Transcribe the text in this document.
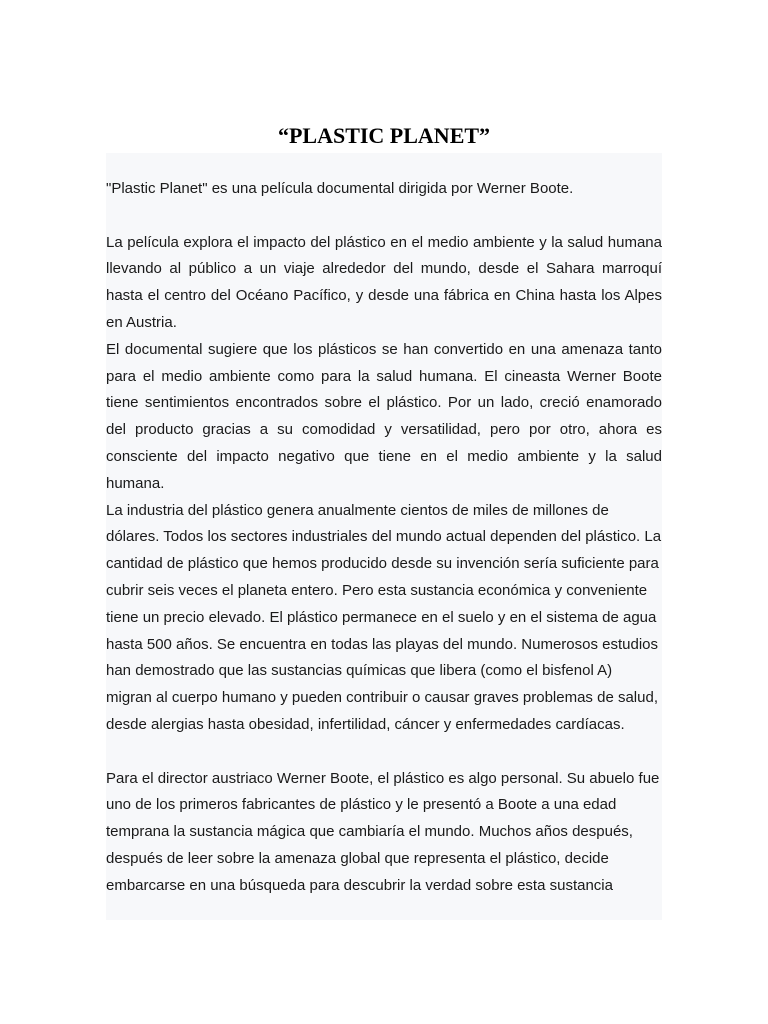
“PLASTIC PLANET”

"Plastic Planet" es una película documental dirigida por Werner Boote.

La película explora el impacto del plástico en el medio ambiente y la salud humana llevando al público a un viaje alrededor del mundo, desde el Sahara marroquí hasta el centro del Océano Pacífico, y desde una fábrica en China hasta los Alpes en Austria.

El documental sugiere que los plásticos se han convertido en una amenaza tanto para el medio ambiente como para la salud humana. El cineasta Werner Boote tiene sentimientos encontrados sobre el plástico. Por un lado, creció enamorado del producto gracias a su comodidad y versatilidad, pero por otro, ahora es consciente del impacto negativo que tiene en el medio ambiente y la salud humana.

La industria del plástico genera anualmente cientos de miles de millones de dólares. Todos los sectores industriales del mundo actual dependen del plástico. La cantidad de plástico que hemos producido desde su invención sería suficiente para cubrir seis veces el planeta entero. Pero esta sustancia económica y conveniente tiene un precio elevado. El plástico permanece en el suelo y en el sistema de agua hasta 500 años. Se encuentra en todas las playas del mundo. Numerosos estudios han demostrado que las sustancias químicas que libera (como el bisfenol A) migran al cuerpo humano y pueden contribuir o causar graves problemas de salud, desde alergias hasta obesidad, infertilidad, cáncer y enfermedades cardíacas.

Para el director austriaco Werner Boote, el plástico es algo personal. Su abuelo fue uno de los primeros fabricantes de plástico y le presentó a Boote a una edad temprana la sustancia mágica que cambiaría el mundo. Muchos años después, después de leer sobre la amenaza global que representa el plástico, decide embarcarse en una búsqueda para descubrir la verdad sobre esta sustancia
